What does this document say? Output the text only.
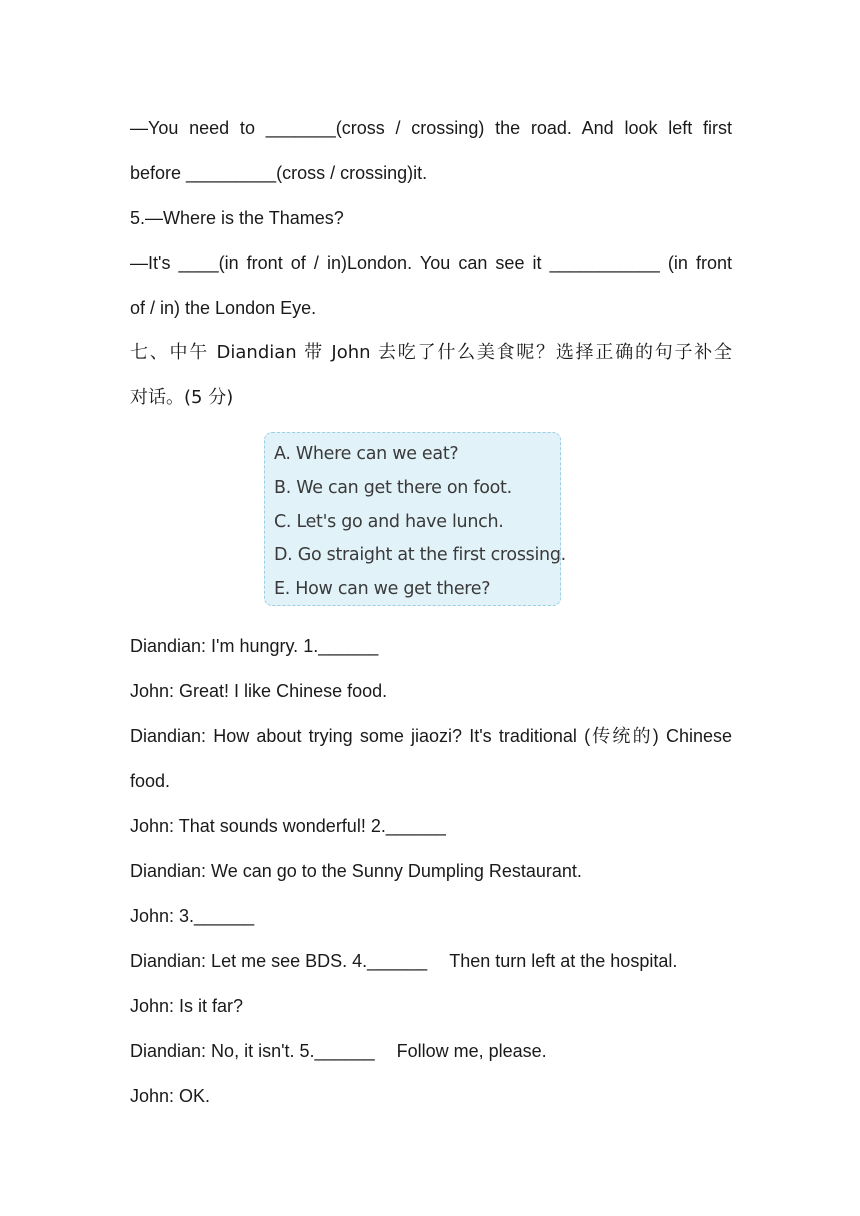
—You need to _______(cross / crossing) the road. And look left first
before _________(cross / crossing)it.
5.—Where is the Thames?
—It's ____(in front of / in)London. You can see it ___________ (in front
of / in) the London Eye.
七、中午 Diandian 带 John 去吃了什么美食呢？选择正确的句子补全
对话。(5 分)
A. Where can we eat?
B. We can get there on foot.
C. Let's go and have lunch.
D. Go straight at the first crossing.
E. How can we get there?
Diandian: I'm hungry. 1.______
John: Great! I like Chinese food.
Diandian: How about trying some jiaozi? It's traditional (传统的) Chinese
food.
John: That sounds wonderful! 2.______
Diandian: We can go to the Sunny Dumpling Restaurant.
John: 3.______
Diandian: Let me see BDS. 4.______ Then turn left at the hospital.
John: Is it far?
Diandian: No, it isn't. 5.______ Follow me, please.
John: OK.
